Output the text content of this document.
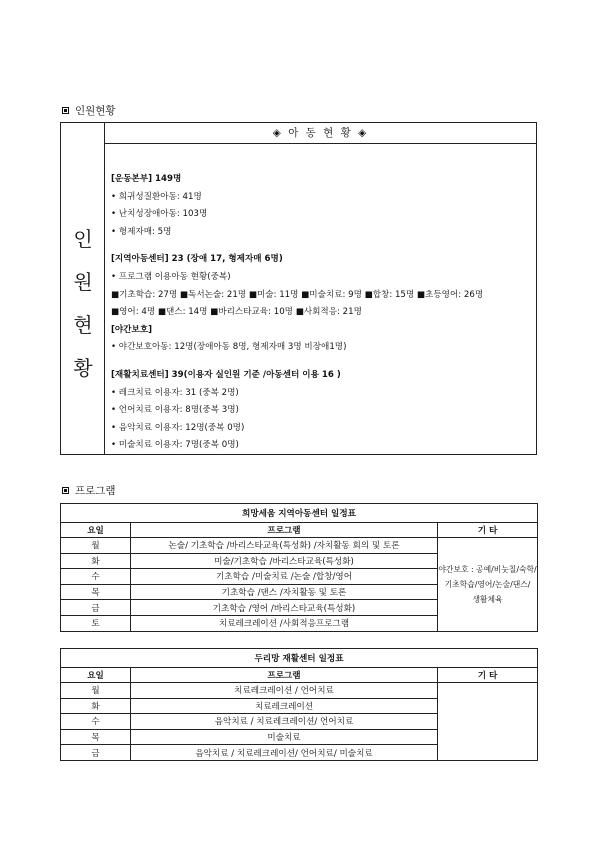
인원현황
인
원
현
황
◈ 아 동 현 황 ◈
[운동본부] 149명
• 희귀성질환아동: 41명
• 난치성장애아동: 103명
• 형제자매: 5명
[지역아동센터] 23 (장애 17, 형제자매 6명)
• 프로그램 이용아동 현황(중복)
■기초학습: 27명 ■독서논술: 21명 ■미술: 11명 ■미술치료: 9명 ■합창: 15명 ■초등영어: 26명
■영어: 4명 ■댄스: 14명 ■바리스타교육: 10명 ■사회적응: 21명
[야간보호]
• 야간보호아동: 12명(장애아동 8명, 형제자매 3명 비장애1명)
[재활치료센터] 39(이용자 실인원 기준 /아동센터 이용 16 )
• 레크치료 이용자: 31 (중복 2명)
• 언어치료 이용자: 8명(중복 3명)
• 음악치료 이용자: 12명(중복 0명)
• 미술치료 이용자: 7명(중복 0명)
프로그램
희망세움 지역아동센터 일정표		
요일	프로그램	기 타
월	논술/ 기초학습 /바리스타교육(특성화) /자치활동 회의 및 토론	야간보호 : 공예/비눗칠/숙학/
기초학습/영어/논술/댄스/
생활체육

화	미술/기초학습 /바리스타교육(특성화)	
수	기초학습 /미술치료 /논술 /합창/영어	
목	기초학습 /댄스 /자치활동 및 토론	
금	기초학습 /영어 /바리스타교육(특성화)	
토	치료레크레이션 /사회적응프로그램	
두리망 재활센터 일정표		
요일	프로그램	기 타
월	치료레크레이션 / 언어치료	
화	치료레크레이션	
수	음악치료 / 치료레크레이션/ 언어치료	
목	미술치료	
금	음악치료 / 치료레크레이션/ 언어치료/ 미술치료	
